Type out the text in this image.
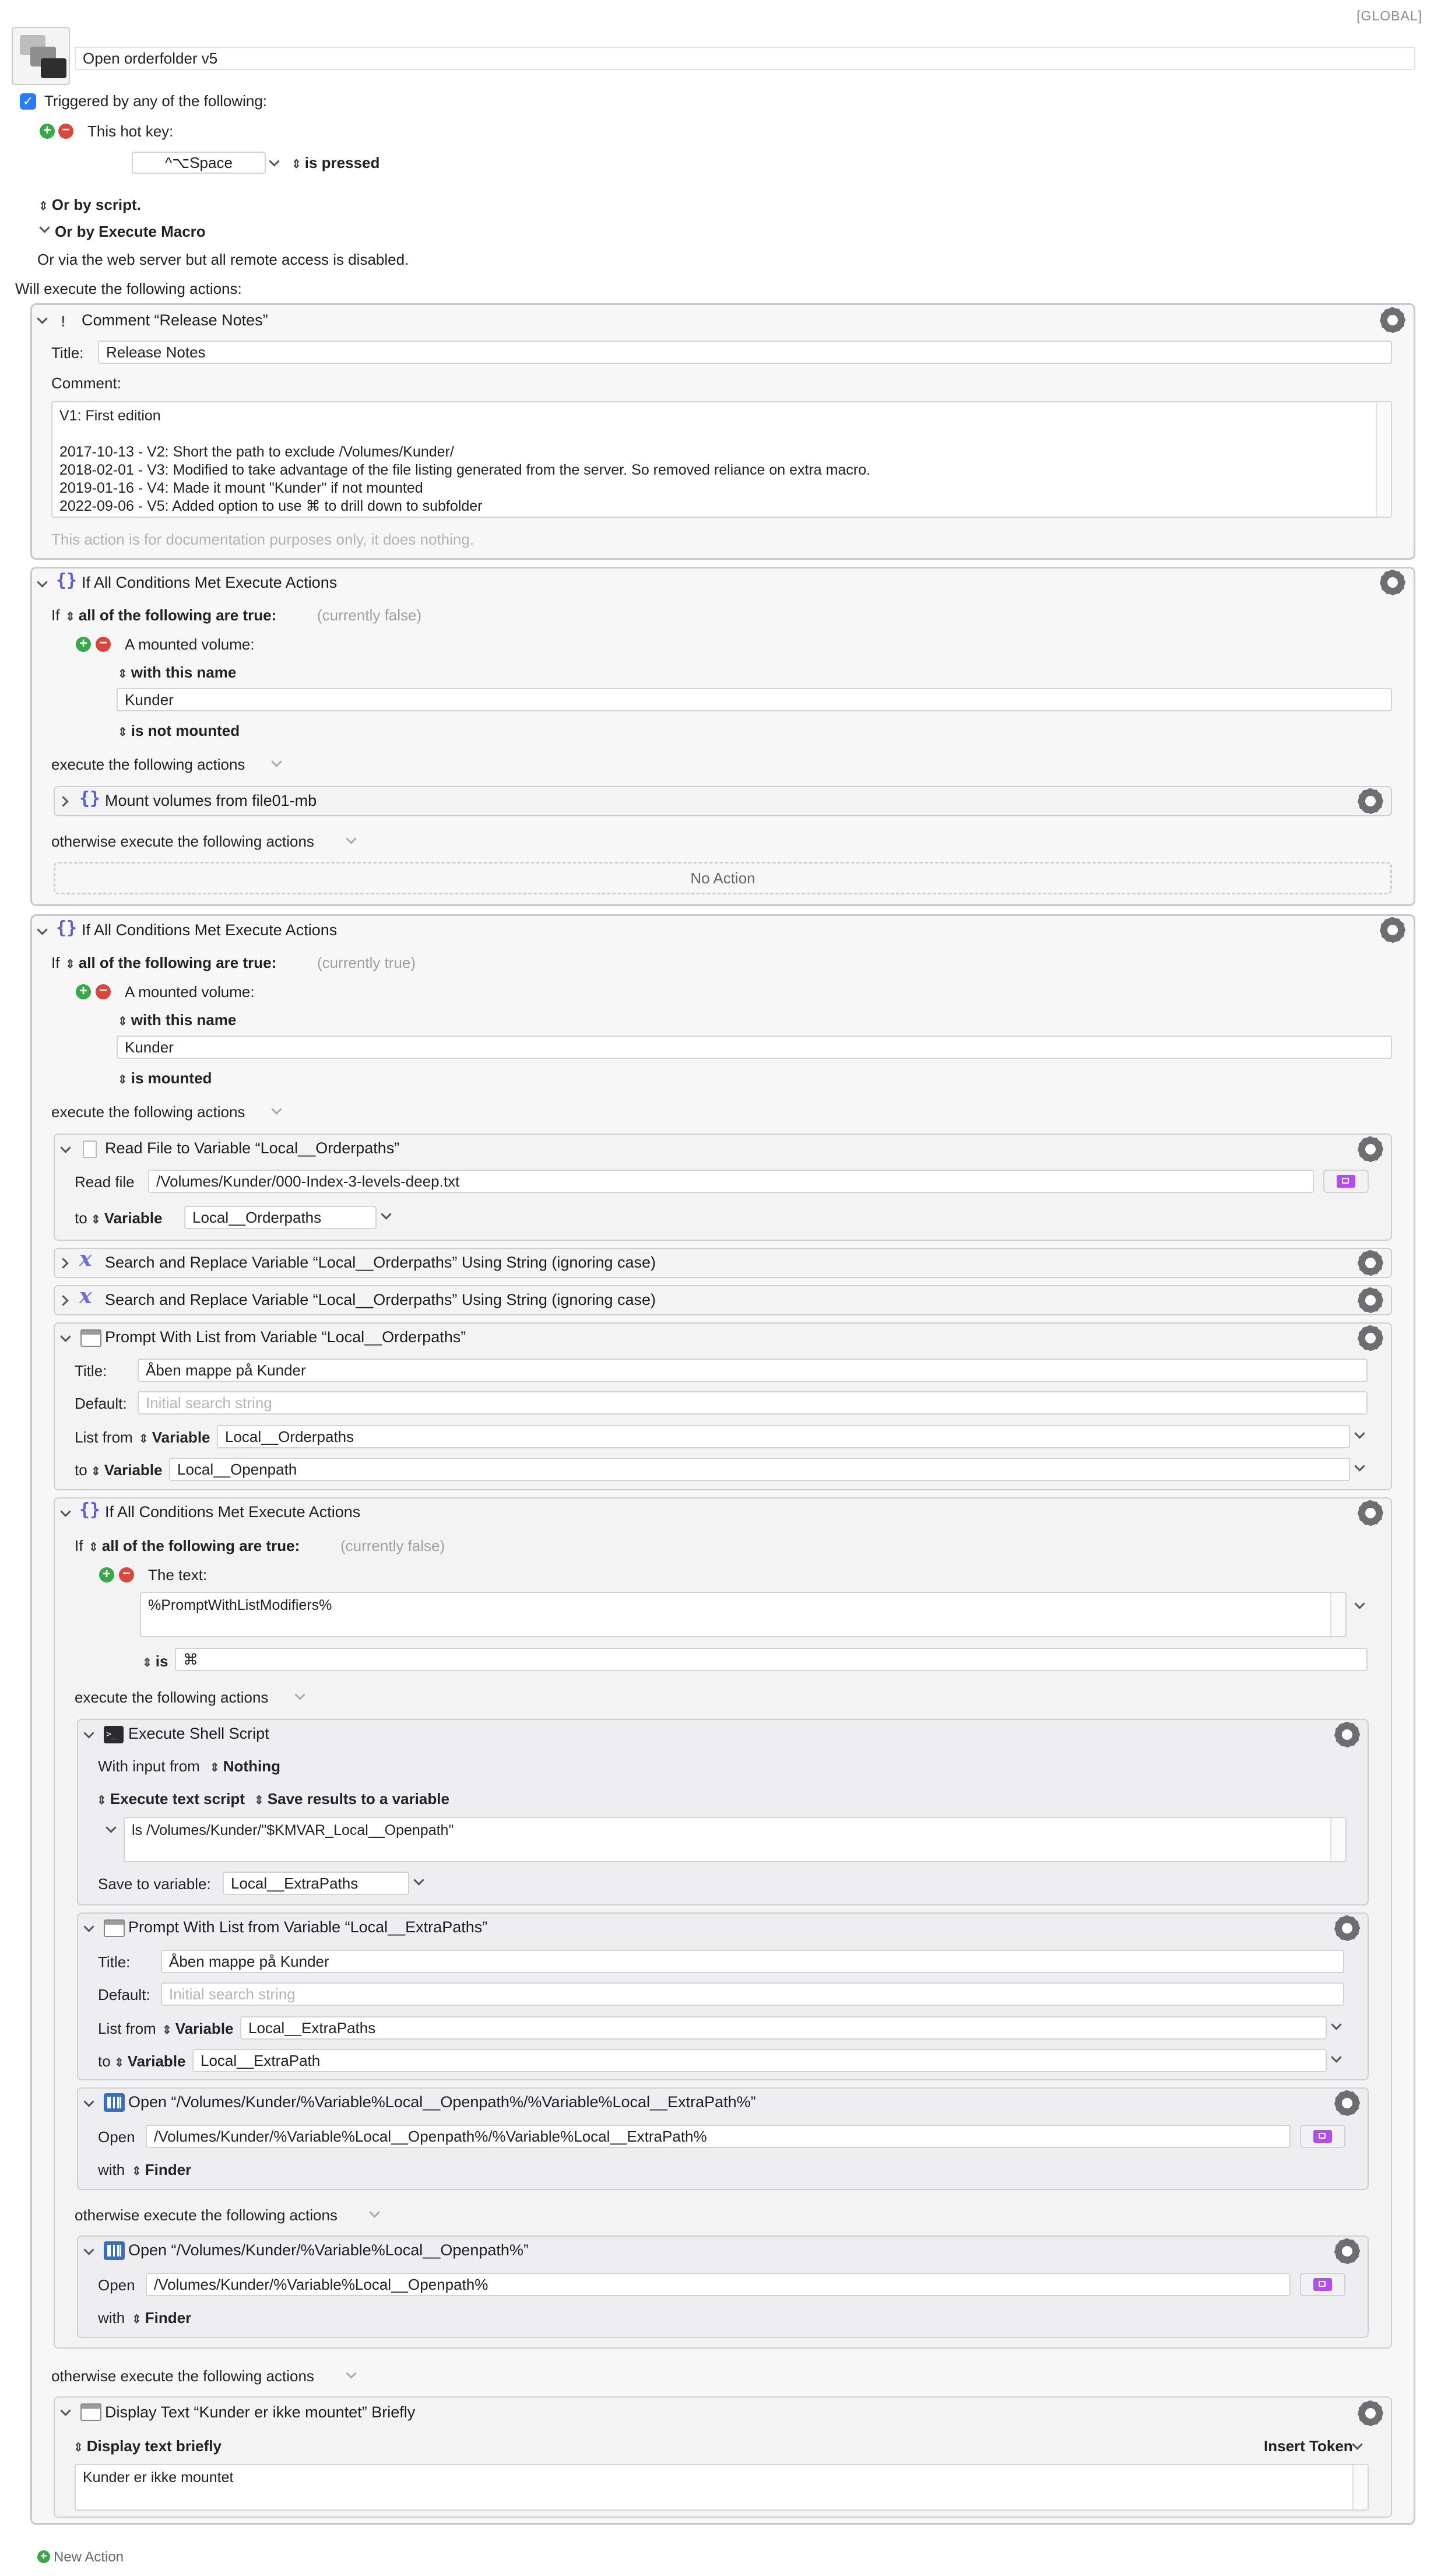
[GLOBAL]
Open orderfolder v5
✓ Triggered by any of the following:
+ − This hot key:
^⌥Space	⇕ is pressed
⇕ Or by script.
Or by Execute Macro
Or via the web server but all remote access is disabled.
Will execute the following actions:
! Comment “Release Notes”
Title:	Release Notes
Comment:
V1: First edition

2017-10-13 - V2: Short the path to exclude /Volumes/Kunder/
2018-02-01 - V3: Modified to take advantage of the file listing generated from the server. So removed reliance on extra macro.
2019-01-16 - V4: Made it mount "Kunder" if not mounted
2022-09-06 - V5: Added option to use ⌘ to drill down to subfolder
This action is for documentation purposes only, it does nothing.
{} If All Conditions Met Execute Actions
If ⇕ all of the following are true:	(currently false)
+ − A mounted volume:
⇕ with this name
Kunder
⇕ is not mounted
execute the following actions
{} Mount volumes from file01-mb
otherwise execute the following actions
No Action
{} If All Conditions Met Execute Actions
If ⇕ all of the following are true:	(currently true)
+ − A mounted volume:
⇕ with this name
Kunder
⇕ is mounted
execute the following actions
Read File to Variable “Local__Orderpaths”
Read file	/Volumes/Kunder/000-Index-3-levels-deep.txt
to ⇕ Variable	Local__Orderpaths
x Search and Replace Variable “Local__Orderpaths” Using String (ignoring case)
x Search and Replace Variable “Local__Orderpaths” Using String (ignoring case)
Prompt With List from Variable “Local__Orderpaths”
Title:	Åben mappe på Kunder
Default:	Initial search string
List from ⇕ Variable Local__Orderpaths
to ⇕ Variable Local__Openpath
{} If All Conditions Met Execute Actions
If ⇕ all of the following are true:	(currently false)
+ − The text:
%PromptWithListModifiers%
⇕ is ⌘
execute the following actions
>_ Execute Shell Script
With input from ⇕ Nothing
⇕ Execute text script ⇕ Save results to a variable
ls /Volumes/Kunder/"$KMVAR_Local__Openpath"
Save to variable:	Local__ExtraPaths
Prompt With List from Variable “Local__ExtraPaths”
Title:	Åben mappe på Kunder
Default:	Initial search string
List from ⇕ Variable Local__ExtraPaths
to ⇕ Variable Local__ExtraPath
Open “/Volumes/Kunder/%Variable%Local__Openpath%/%Variable%Local__ExtraPath%”
Open	/Volumes/Kunder/%Variable%Local__Openpath%/%Variable%Local__ExtraPath%
with ⇕ Finder
otherwise execute the following actions
Open “/Volumes/Kunder/%Variable%Local__Openpath%”
Open	/Volumes/Kunder/%Variable%Local__Openpath%
with ⇕ Finder
otherwise execute the following actions
Display Text “Kunder er ikke mountet” Briefly
⇕ Display text briefly	Insert Token
Kunder er ikke mountet
+ New Action
